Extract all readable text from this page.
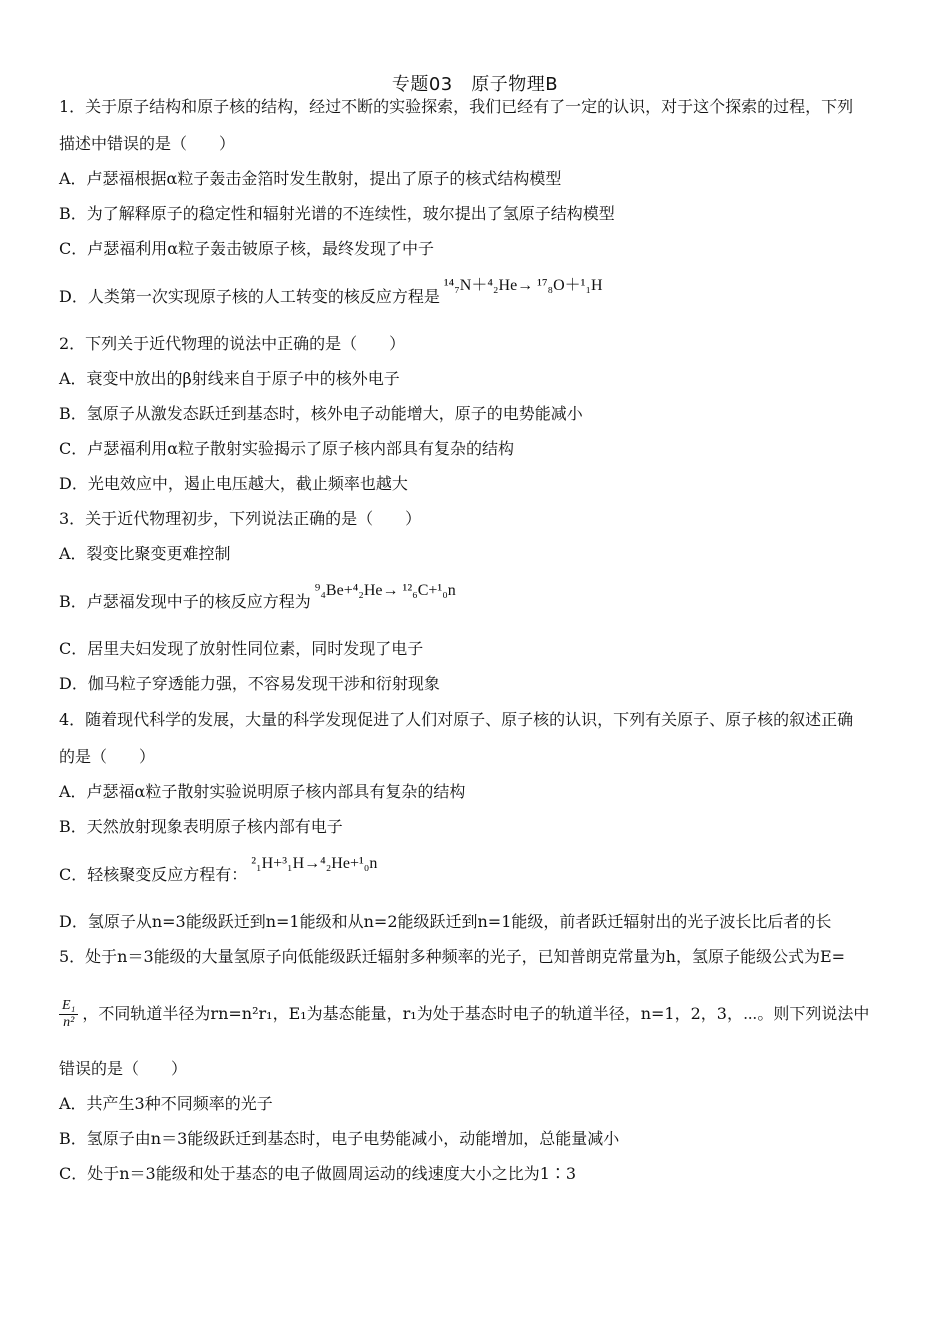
专题03　原子物理B
1．关于原子结构和原子核的结构，经过不断的实验探索，我们已经有了一定的认识，对于这个探索的过程，下列
描述中错误的是（　　）
A．卢瑟福根据α粒子轰击金箔时发生散射，提出了原子的核式结构模型
B．为了解释原子的稳定性和辐射光谱的不连续性，玻尔提出了氢原子结构模型
C．卢瑟福利用α粒子轰击铍原子核，最终发现了中子
D．人类第一次实现原子核的人工转变的核反应方程是¹⁴₇N＋⁴₂He→ ¹⁷₈O＋¹₁H
2．下列关于近代物理的说法中正确的是（　　）
A．衰变中放出的β射线来自于原子中的核外电子
B．氢原子从激发态跃迁到基态时，核外电子动能增大，原子的电势能减小
C．卢瑟福利用α粒子散射实验揭示了原子核内部具有复杂的结构
D．光电效应中，遏止电压越大，截止频率也越大
3．关于近代物理初步，下列说法正确的是（　　）
A．裂变比聚变更难控制
B．卢瑟福发现中子的核反应方程为⁹₄Be+⁴₂He→ ¹²₆C+¹₀n
C．居里夫妇发现了放射性同位素，同时发现了电子
D．伽马粒子穿透能力强，不容易发现干涉和衍射现象
4．随着现代科学的发展，大量的科学发现促进了人们对原子、原子核的认识，下列有关原子、原子核的叙述正确
的是（　　）
A．卢瑟福α粒子散射实验说明原子核内部具有复杂的结构
B．天然放射现象表明原子核内部有电子
C．轻核聚变反应方程有：²₁H+³₁H→⁴₂He+¹₀n
D．氢原子从n=3能级跃迁到n=1能级和从n=2能级跃迁到n=1能级，前者跃迁辐射出的光子波长比后者的长
5．处于n＝3能级的大量氢原子向低能级跃迁辐射多种频率的光子，已知普朗克常量为h，氢原子能级公式为E=
$\frac{\text{E₁}}{\text{n²}}$ ，不同轨道半径为rn=n²r₁，E₁为基态能量，r₁为处于基态时电子的轨道半径，n=1，2，3，⋯。则下列说法中
错误的是（　　）
A．共产生3种不同频率的光子
B．氢原子由n＝3能级跃迁到基态时，电子电势能减小，动能增加，总能量减小
C．处于n＝3能级和处于基态的电子做圆周运动的线速度大小之比为1∶3
